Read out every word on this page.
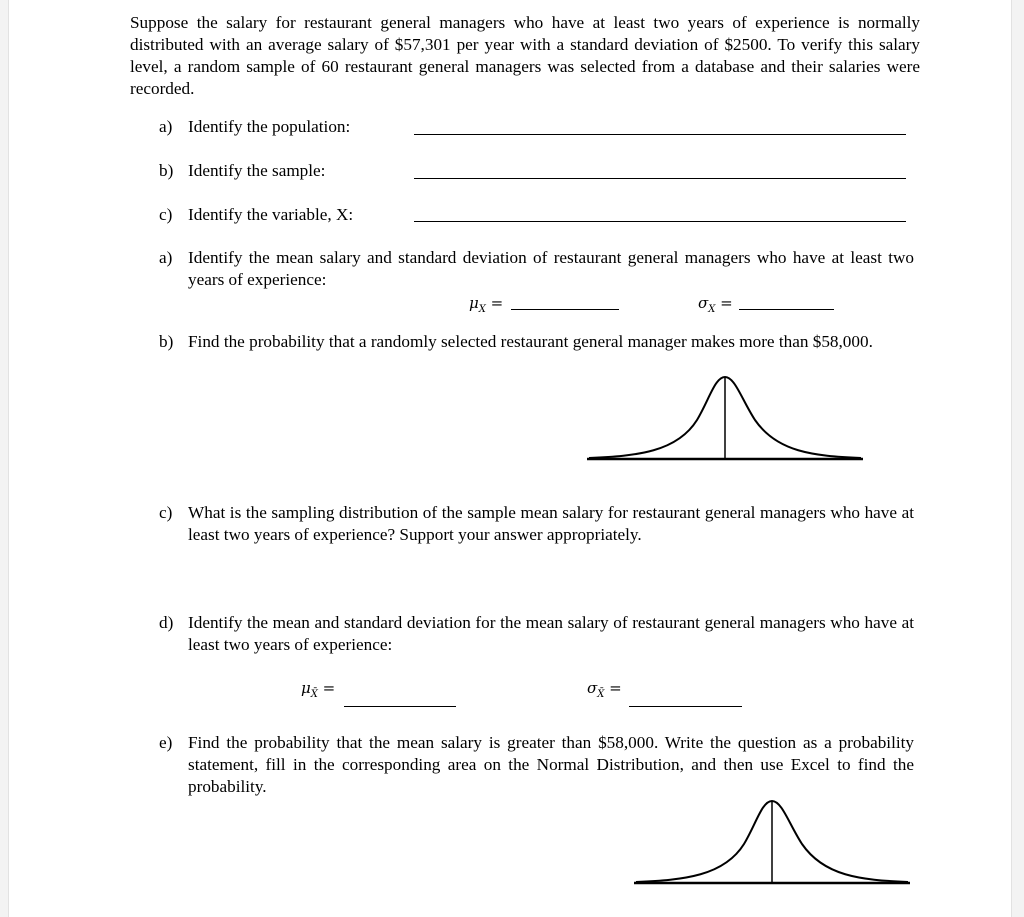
Suppose the salary for restaurant general managers who have at least two years of experience is normally distributed with an average salary of $57,301 per year with a standard deviation of $2500. To verify this salary level, a random sample of 60 restaurant general managers was selected from a database and their salaries were recorded.
a) Identify the population:
b) Identify the sample:
c) Identify the variable, X:
a) Identify the mean salary and standard deviation of restaurant general managers who have at least two years of experience:
$\mu_X$ =	$\sigma_X$ =
b) Find the probability that a randomly selected restaurant general manager makes more than $58,000.
c) What is the sampling distribution of the sample mean salary for restaurant general managers who have at least two years of experience? Support your answer appropriately.
d) Identify the mean and standard deviation for the mean salary of restaurant general managers who have at least two years of experience:
$\mu_{X̄}$ =	$\sigma_{X̄}$ =
e) Find the probability that the mean salary is greater than $58,000. Write the question as a probability statement, fill in the corresponding area on the Normal Distribution, and then use Excel to find the probability.
